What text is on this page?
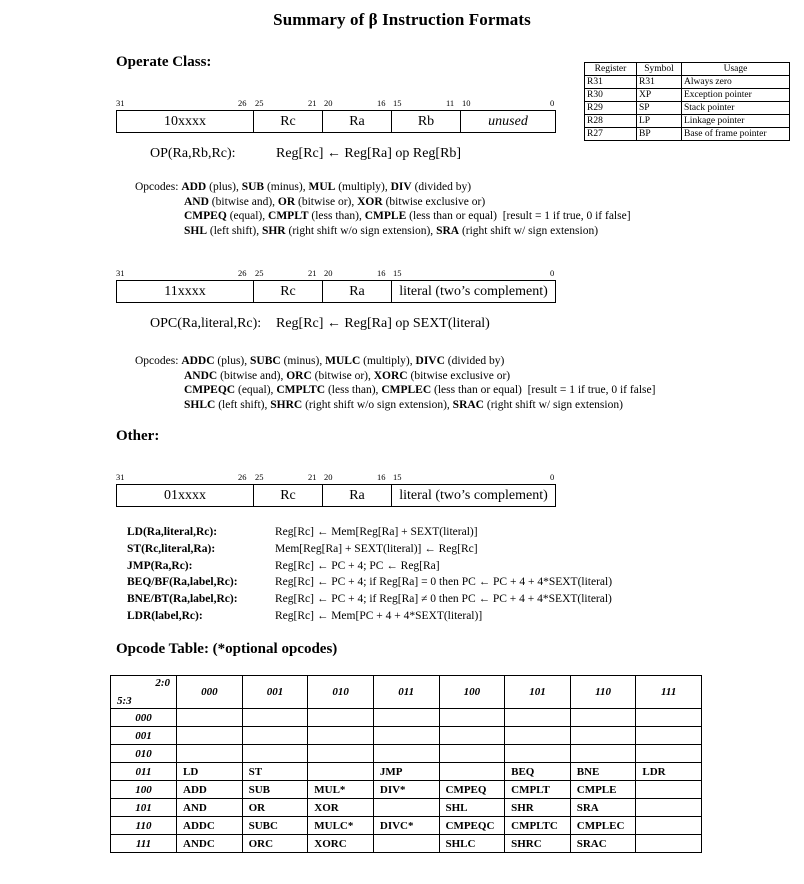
Summary of β Instruction Formats
Operate Class:	Register	Symbol	Usage
R31	R31	Always zero
R30	XP	Exception pointer
R29	SP	Stack pointer
R28	LP	Linkage pointer
R27	BP	Base of frame pointer
31	26 25	21 20	16 15	11 10	0
10xxxx	Rc	Ra	Rb	unused
OP(Ra,Rb,Rc):	Reg[Rc] ← Reg[Ra] op Reg[Rb]
Opcodes: ADD (plus), SUB (minus), MUL (multiply), DIV (divided by)
AND (bitwise and), OR (bitwise or), XOR (bitwise exclusive or)
CMPEQ (equal), CMPLT (less than), CMPLE (less than or equal)  [result = 1 if true, 0 if false]
SHL (left shift), SHR (right shift w/o sign extension), SRA (right shift w/ sign extension)
31	26 25	21 20	16 15	0
11xxxx	Rc	Ra	literal (two’s complement)
OPC(Ra,literal,Rc): Reg[Rc] ← Reg[Ra] op SEXT(literal)
Opcodes: ADDC (plus), SUBC (minus), MULC (multiply), DIVC (divided by)
ANDC (bitwise and), ORC (bitwise or), XORC (bitwise exclusive or)
CMPEQC (equal), CMPLTC (less than), CMPLEC (less than or equal)  [result = 1 if true, 0 if false]
SHLC (left shift), SHRC (right shift w/o sign extension), SRAC (right shift w/ sign extension)
Other:
31	26 25	21 20	16 15	0
01xxxx	Rc	Ra	literal (two’s complement)
LD(Ra,literal,Rc):	Reg[Rc] ← Mem[Reg[Ra] + SEXT(literal)]
ST(Rc,literal,Ra):	Mem[Reg[Ra] + SEXT(literal)] ← Reg[Rc]
JMP(Ra,Rc):	Reg[Rc] ← PC + 4; PC ← Reg[Ra]
BEQ/BF(Ra,label,Rc):	Reg[Rc] ← PC + 4; if Reg[Ra] = 0 then PC ← PC + 4 + 4*SEXT(literal)
BNE/BT(Ra,label,Rc):	Reg[Rc] ← PC + 4; if Reg[Ra] ≠ 0 then PC ← PC + 4 + 4*SEXT(literal)
LDR(label,Rc):	Reg[Rc] ← Mem[PC + 4 + 4*SEXT(literal)]
Opcode Table: (*optional opcodes)
2:0
5:3	000	001	010	011	100	101	110	111
000								
001								
010								
011	LD	ST		JMP		BEQ	BNE	LDR
100	ADD	SUB	MUL*	DIV*	CMPEQ	CMPLT	CMPLE	
101	AND	OR	XOR		SHL	SHR	SRA	
110	ADDC	SUBC	MULC*	DIVC*	CMPEQC	CMPLTC	CMPLEC	
111	ANDC	ORC	XORC		SHLC	SHRC	SRAC	
